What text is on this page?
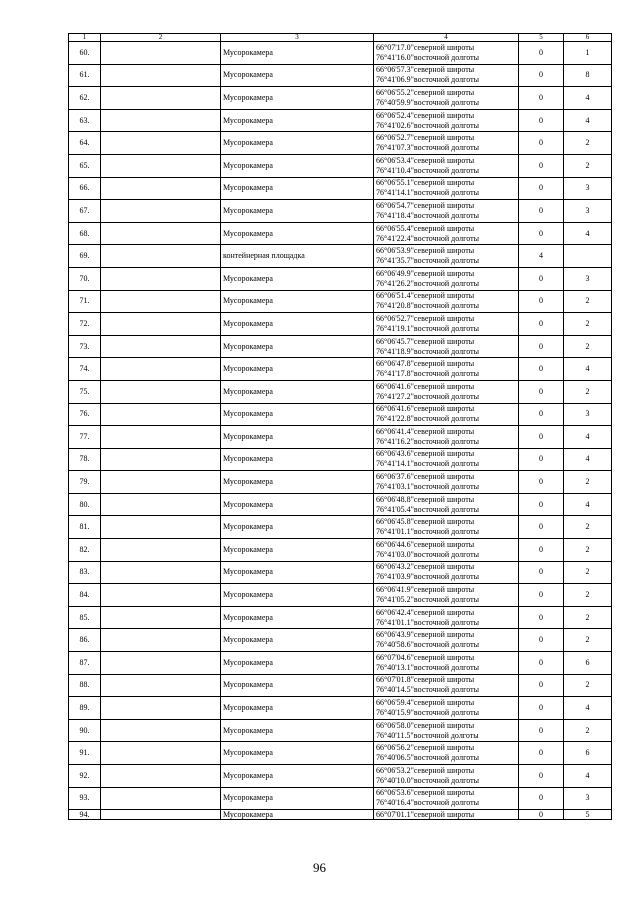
1	2	3	4	5	6
60.		Мусорокамера	66°07'17.0"северной широты
76°41'16.0"восточной долготы	0	1
61.		Мусорокамера	66°06'57.3"северной широты
76°41'06.9"восточной долготы	0	8
62.		Мусорокамера	66°06'55.2"северной широты
76°40'59.9"восточной долготы	0	4
63.		Мусорокамера	66°06'52.4"северной широты
76°41'02.6"восточной долготы	0	4
64.		Мусорокамера	66°06'52.7"северной широты
76°41'07.3"восточной долготы	0	2
65.		Мусорокамера	66°06'53.4"северной широты
76°41'10.4"восточной долготы	0	2
66.		Мусорокамера	66°06'55.1"северной широты
76°41'14.1"восточной долготы	0	3
67.		Мусорокамера	66°06'54.7"северной широты
76°41'18.4"восточной долготы	0	3
68.		Мусорокамера	66°06'55.4"северной широты
76°41'22.4"восточной долготы	0	4
69.		контейнерная площадка	66°06'53.9"северной широты
76°41'35.7"восточной долготы	4	
70.		Мусорокамера	66°06'49.9"северной широты
76°41'26.2"восточной долготы	0	3
71.		Мусорокамера	66°06'51.4"северной широты
76°41'20.8"восточной долготы	0	2
72.		Мусорокамера	66°06'52.7"северной широты
76°41'19.1"восточной долготы	0	2
73.		Мусорокамера	66°06'45.7"северной широты
76°41'18.9"восточной долготы	0	2
74.		Мусорокамера	66°06'47.8"северной широты
76°41'17.8"восточной долготы	0	4
75.		Мусорокамера	66°06'41.6"северной широты
76°41'27.2"восточной долготы	0	2
76.		Мусорокамера	66°06'41.6"северной широты
76°41'22.8"восточной долготы	0	3
77.		Мусорокамера	66°06'41.4"северной широты
76°41'16.2"восточной долготы	0	4
78.		Мусорокамера	66°06'43.6"северной широты
76°41'14.1"восточной долготы	0	4
79.		Мусорокамера	66°06'37.6"северной широты
76°41'03.1"восточной долготы	0	2
80.		Мусорокамера	66°06'48.8"северной широты
76°41'05.4"восточной долготы	0	4
81.		Мусорокамера	66°06'45.8"северной широты
76°41'01.1"восточной долготы	0	2
82.		Мусорокамера	66°06'44.6"северной широты
76°41'03.0"восточной долготы	0	2
83.		Мусорокамера	66°06'43.2"северной широты
76°41'03.9"восточной долготы	0	2
84.		Мусорокамера	66°06'41.9"северной широты
76°41'05.2"восточной долготы	0	2
85.		Мусорокамера	66°06'42.4"северной широты
76°41'01.1"восточной долготы	0	2
86.		Мусорокамера	66°06'43.9"северной широты
76°40'58.6"восточной долготы	0	2
87.		Мусорокамера	66°07'04.6"северной широты
76°40'13.1"восточной долготы	0	6
88.		Мусорокамера	66°07'01.8"северной широты
76°40'14.5"восточной долготы	0	2
89.		Мусорокамера	66°06'59.4"северной широты
76°40'15.9"восточной долготы	0	4
90.		Мусорокамера	66°06'58.0"северной широты
76°40'11.5"восточной долготы	0	2
91.		Мусорокамера	66°06'56.2"северной широты
76°40'06.5"восточной долготы	0	6
92.		Мусорокамера	66°06'53.2"северной широты
76°40'10.0"восточной долготы	0	4
93.		Мусорокамера	66°06'53.6"северной широты
76°40'16.4"восточной долготы	0	3
94.		Мусорокамера	66°07'01.1"северной широты	0	5
96
